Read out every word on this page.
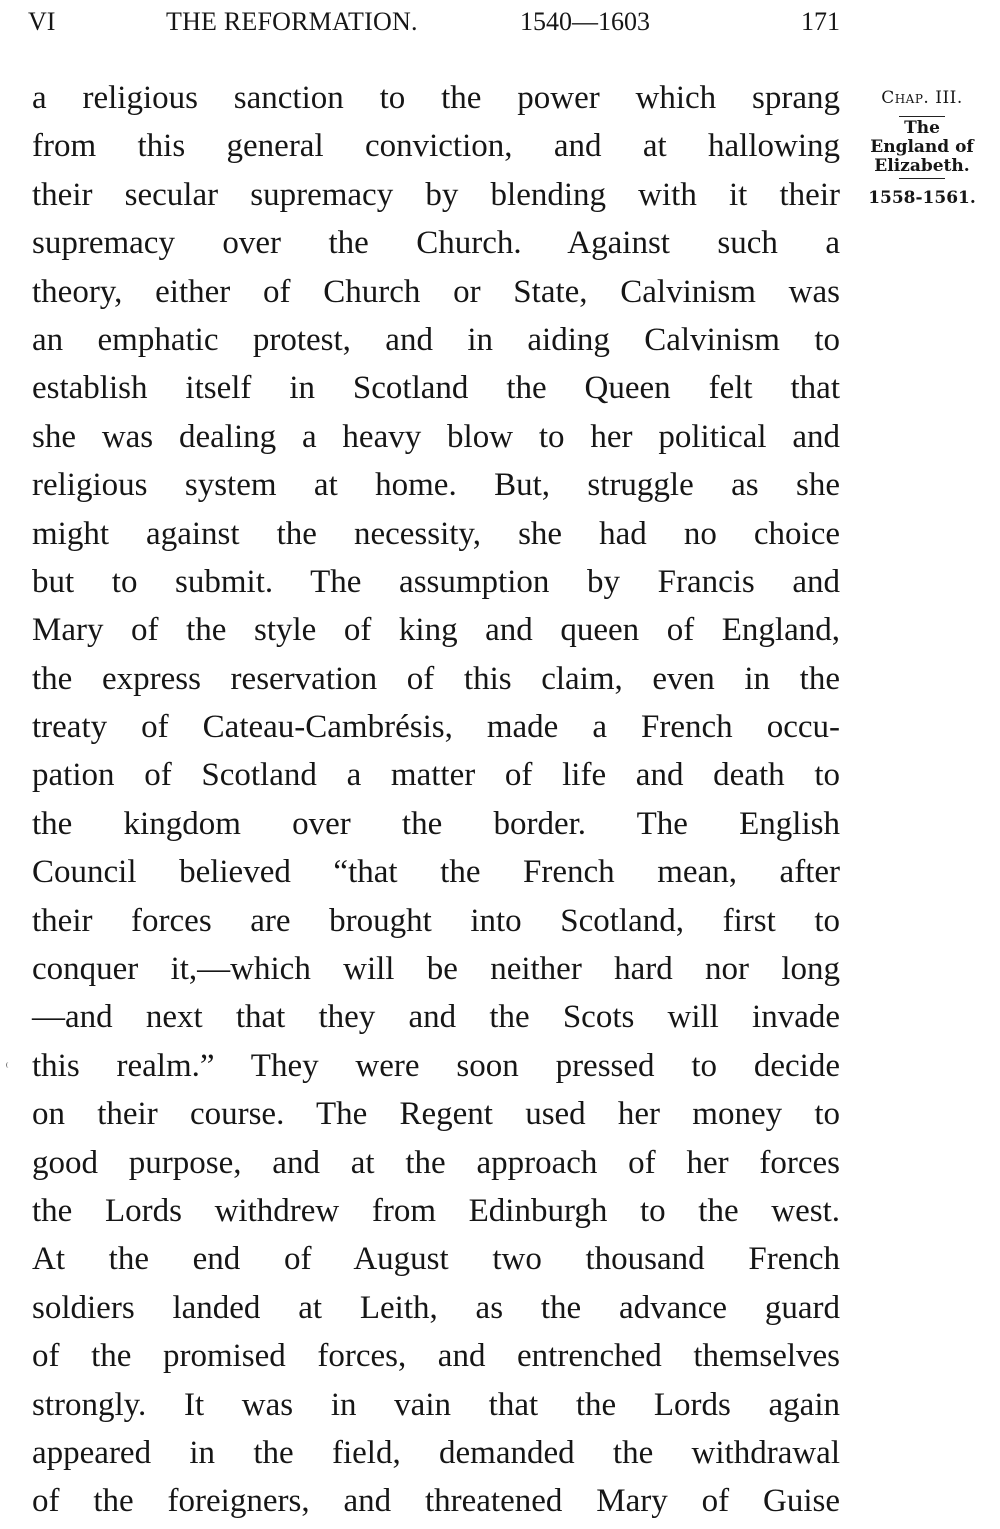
VI	THE REFORMATION.	1540—1603	171
a religious sanction to the power which sprang
from this general conviction, and at hallowing
their secular supremacy by blending with it their
supremacy over the Church. Against such a
theory, either of Church or State, Calvinism was
an emphatic protest, and in aiding Calvinism to
establish itself in Scotland the Queen felt that
she was dealing a heavy blow to her political and
religious system at home. But, struggle as she
might against the necessity, she had no choice
but to submit. The assumption by Francis and
Mary of the style of king and queen of England,
the express reservation of this claim, even in the
treaty of Cateau-Cambrésis, made a French occu-
pation of Scotland a matter of life and death to
the kingdom over the border. The English
Council believed “that the French mean, after
their forces are brought into Scotland, first to
conquer it,—which will be neither hard nor long
—and next that they and the Scots will invade
this realm.” They were soon pressed to decide
on their course. The Regent used her money to
good purpose, and at the approach of her forces
the Lords withdrew from Edinburgh to the west.
At the end of August two thousand French
soldiers landed at Leith, as the advance guard
of the promised forces, and entrenched themselves
strongly. It was in vain that the Lords again
appeared in the field, demanded the withdrawal
of the foreigners, and threatened Mary of Guise
Chap. III.
The
England of
Elizabeth.
1558-1561.
